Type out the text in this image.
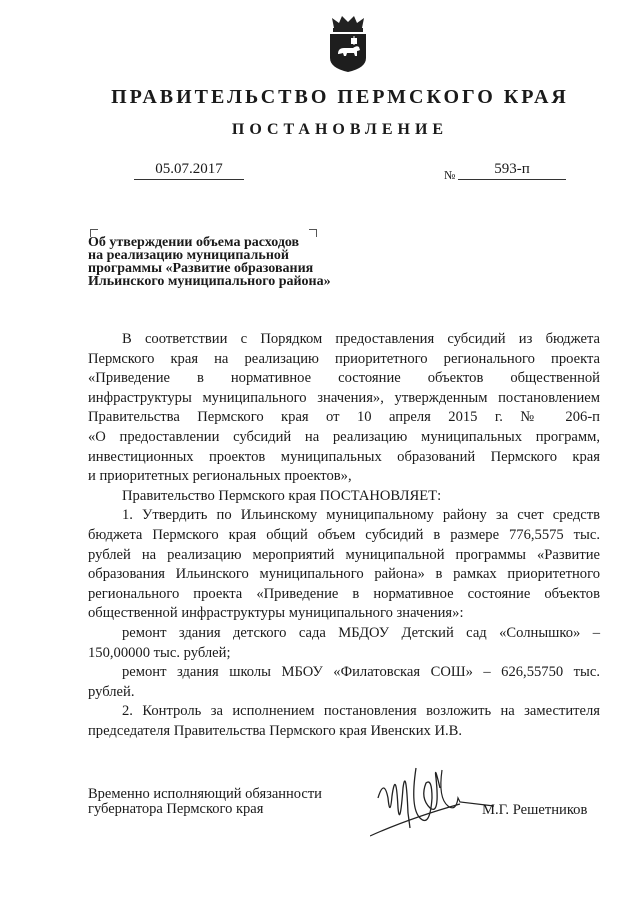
ПРАВИТЕЛЬСТВО ПЕРМСКОГО КРАЯ
ПОСТАНОВЛЕНИЕ
05.07.2017	№	593-п
Об утверждении объема расходов
на реализацию муниципальной
программы «Развитие образования
Ильинского муниципального района»
В соответствии с Порядком предоставления субсидий из бюджета
Пермского края на реализацию приоритетного регионального проекта
«Приведение в нормативное состояние объектов общественной
инфраструктуры муниципального значения», утвержденным постановлением
Правительства Пермского края от 10 апреля 2015 г. № 206-п
«О предоставлении субсидий на реализацию муниципальных программ,
инвестиционных проектов муниципальных образований Пермского края
и приоритетных региональных проектов»,
Правительство Пермского края ПОСТАНОВЛЯЕТ:
1. Утвердить по Ильинскому муниципальному району за счет средств
бюджета Пермского края общий объем субсидий в размере 776,5575 тыс.
рублей на реализацию мероприятий муниципальной программы «Развитие
образования Ильинского муниципального района» в рамках приоритетного
регионального проекта «Приведение в нормативное состояние объектов
общественной инфраструктуры муниципального значения»:
ремонт здания детского сада МБДОУ Детский сад «Солнышко» –
150,00000 тыс. рублей;
ремонт здания школы МБОУ «Филатовская СОШ» – 626,55750 тыс.
рублей.
2. Контроль за исполнением постановления возложить на заместителя
председателя Правительства Пермского края Ивенских И.В.
Временно исполняющий обязанности
губернатора Пермского края	М.Г. Решетников
